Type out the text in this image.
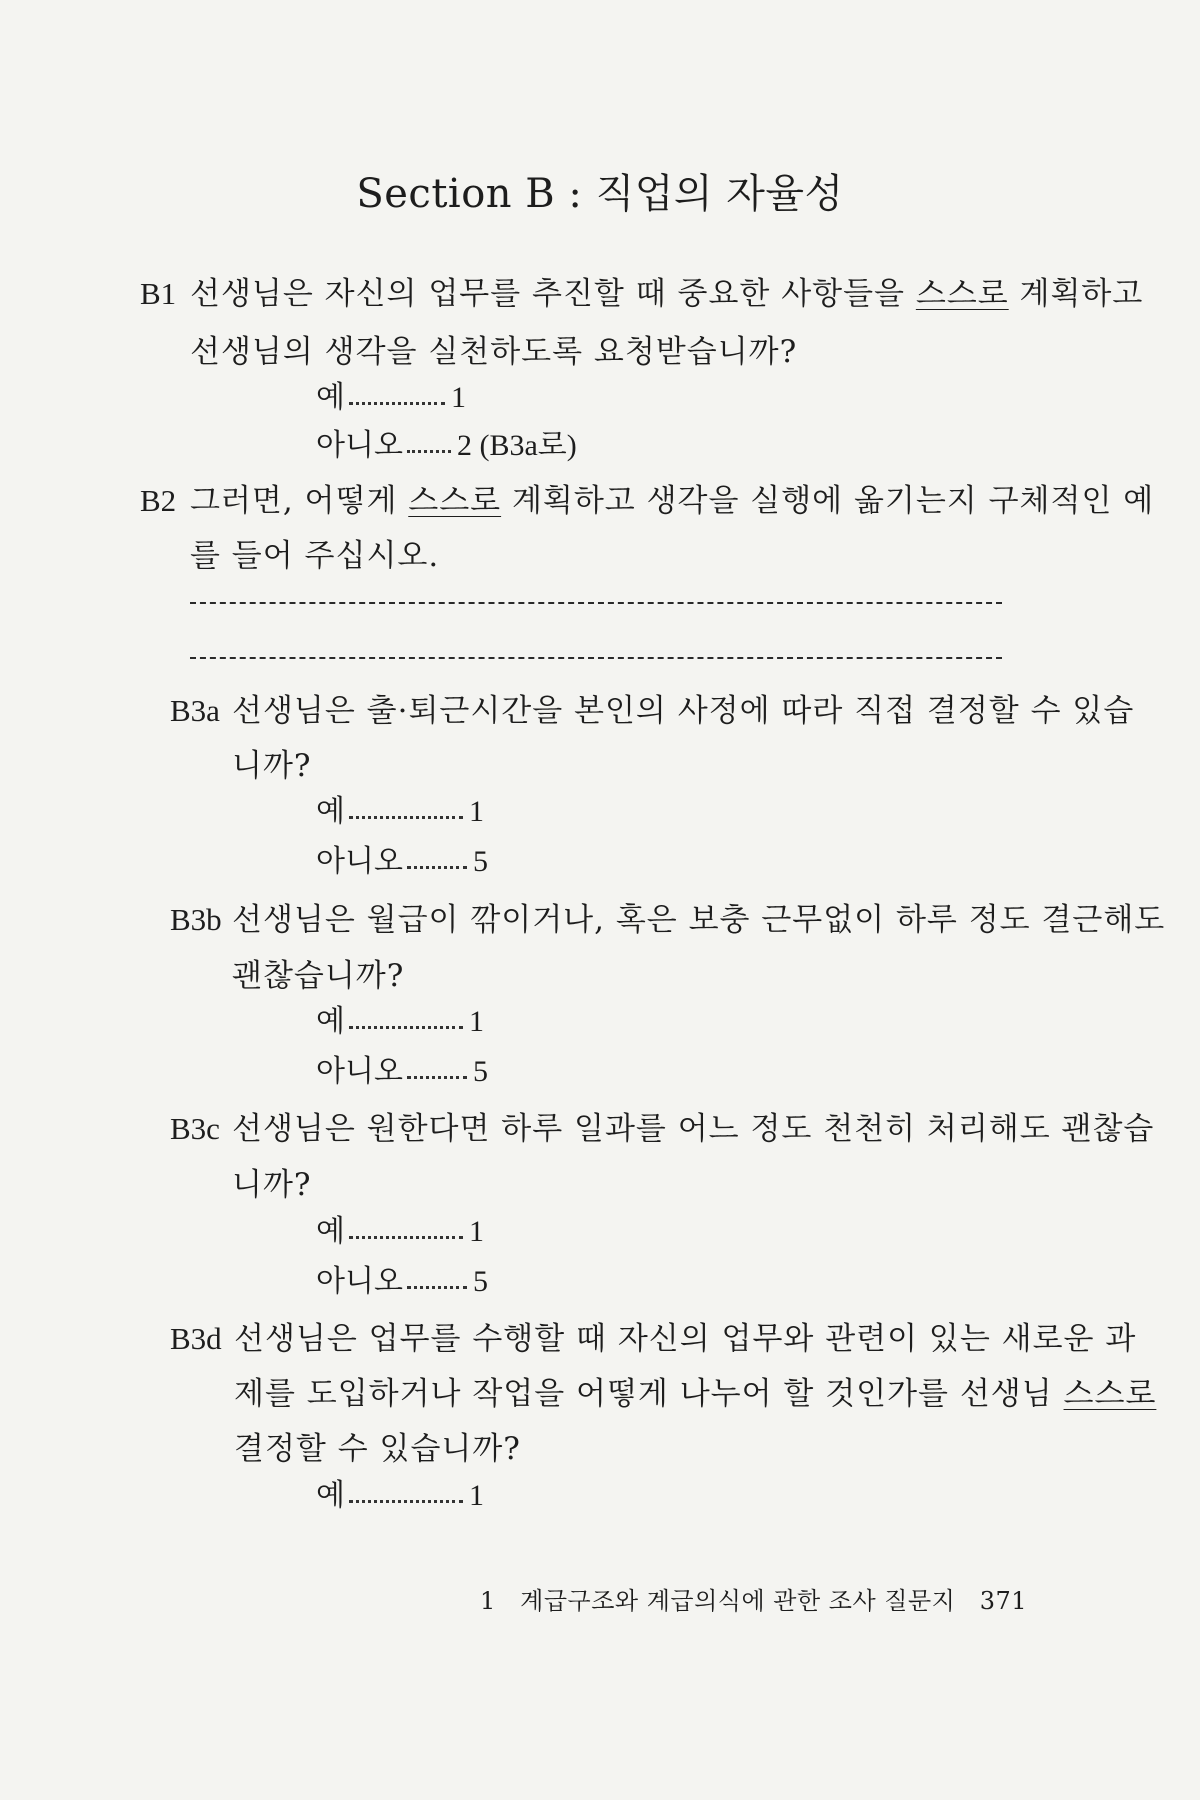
Section B : 직업의 자율성
B1 선생님은 자신의 업무를 추진할 때 중요한 사항들을 스스로 계획하고
선생님의 생각을 실천하도록 요청받습니까?
예	1
아니오 2 (B3a로)
B2 그러면, 어떻게 스스로 계획하고 생각을 실행에 옮기는지 구체적인 예
를 들어 주십시오.
B3a 선생님은 출·퇴근시간을 본인의 사정에 따라 직접 결정할 수 있습
니까?
예	1
아니오 5
B3b 선생님은 월급이 깎이거나, 혹은 보충 근무없이 하루 정도 결근해도
괜찮습니까?
예	1
아니오 5
B3c 선생님은 원한다면 하루 일과를 어느 정도 천천히 처리해도 괜찮습
니까?
예	1
아니오 5
B3d 선생님은 업무를 수행할 때 자신의 업무와 관련이 있는 새로운 과
제를 도입하거나 작업을 어떻게 나누어 할 것인가를 선생님 스스로
결정할 수 있습니까?
예	1
1 계급구조와 계급의식에 관한 조사 질문지 371
